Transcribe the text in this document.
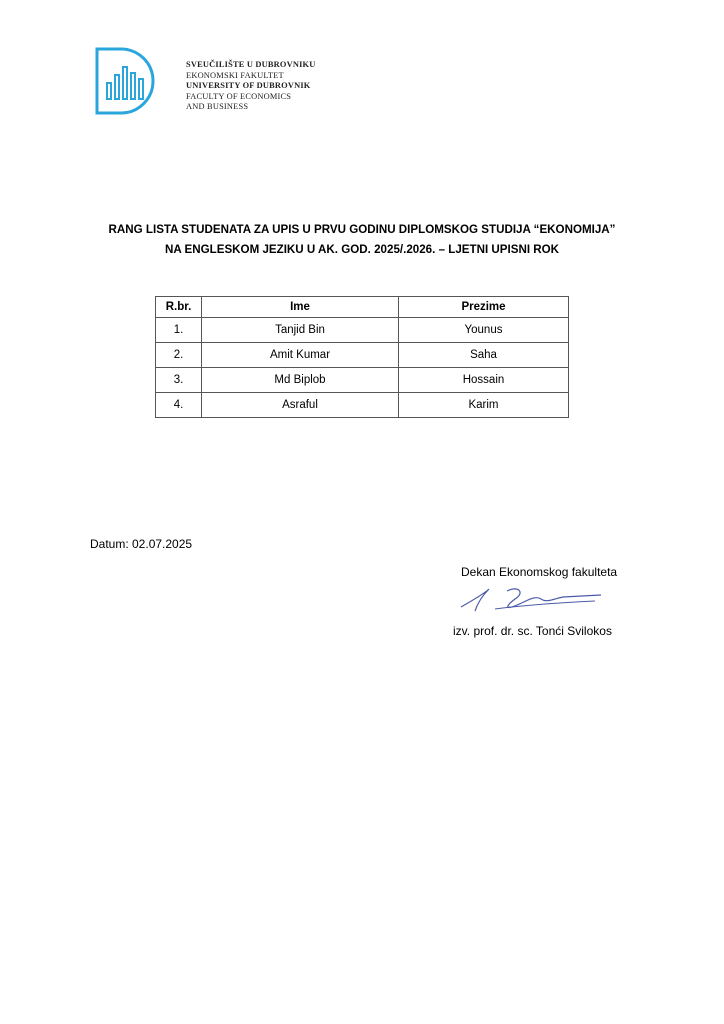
SVEUČILIŠTE U DUBROVNIKU
EKONOMSKI FAKULTET
UNIVERSITY OF DUBROVNIK
FACULTY OF ECONOMICS
AND BUSINESS
RANG LISTA STUDENATA ZA UPIS U PRVU GODINU DIPLOMSKOG STUDIJA “EKONOMIJA”
NA ENGLESKOM JEZIKU U AK. GOD. 2025/.2026. – LJETNI UPISNI ROK
R.br.	Ime	Prezime
1.	Tanjid Bin	Younus
2.	Amit Kumar	Saha
3.	Md Biplob	Hossain
4.	Asraful	Karim
Datum: 02.07.2025
Dekan Ekonomskog fakulteta
izv. prof. dr. sc. Tonći Svilokos
